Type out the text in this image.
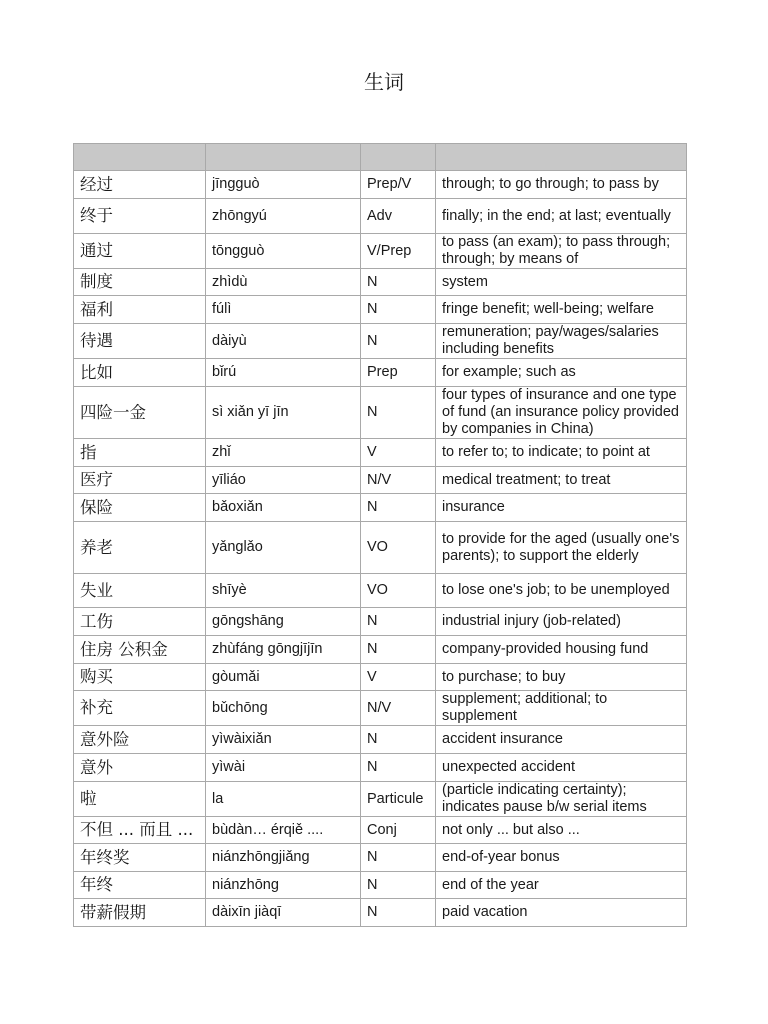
生词

经过	jīngguò	Prep/V	through; to go through; to pass by
终于	zhōngyú	Adv	finally; in the end; at last; eventually
通过	tōngguò	V/Prep	to pass (an exam); to pass through; through; by means of
制度	zhìdù	N	system
福利	fúlì	N	fringe benefit; well-being; welfare
待遇	dàiyù	N	remuneration; pay/wages/salaries including benefits
比如	bǐrú	Prep	for example; such as
四险一金	sì xiǎn yī jīn	N	four types of insurance and one type of fund (an insurance policy provided by companies in China)
指	zhǐ	V	to refer to; to indicate; to point at
医疗	yīliáo	N/V	medical treatment; to treat
保险	bǎoxiǎn	N	insurance
养老	yǎnglǎo	VO	to provide for the aged (usually one's parents); to support the elderly
失业	shīyè	VO	to lose one's job; to be unemployed
工伤	gōngshāng	N	industrial injury (job-related)
住房 公积金	zhùfáng gōngjījīn	N	company-provided housing fund
购买	gòumǎi	V	to purchase; to buy
补充	bǔchōng	N/V	supplement; additional; to supplement
意外险	yìwàixiǎn	N	accident insurance
意外	yìwài	N	unexpected accident
啦	la	Particule	(particle indicating certainty); indicates pause b/w serial items
不但 ... 而且 ...	bùdàn… érqiě ....	Conj	not only ... but also ...
年终奖	niánzhōngjiǎng	N	end-of-year bonus
年终	niánzhōng	N	end of the year
带薪假期	dàixīn jiàqī	N	paid vacation
